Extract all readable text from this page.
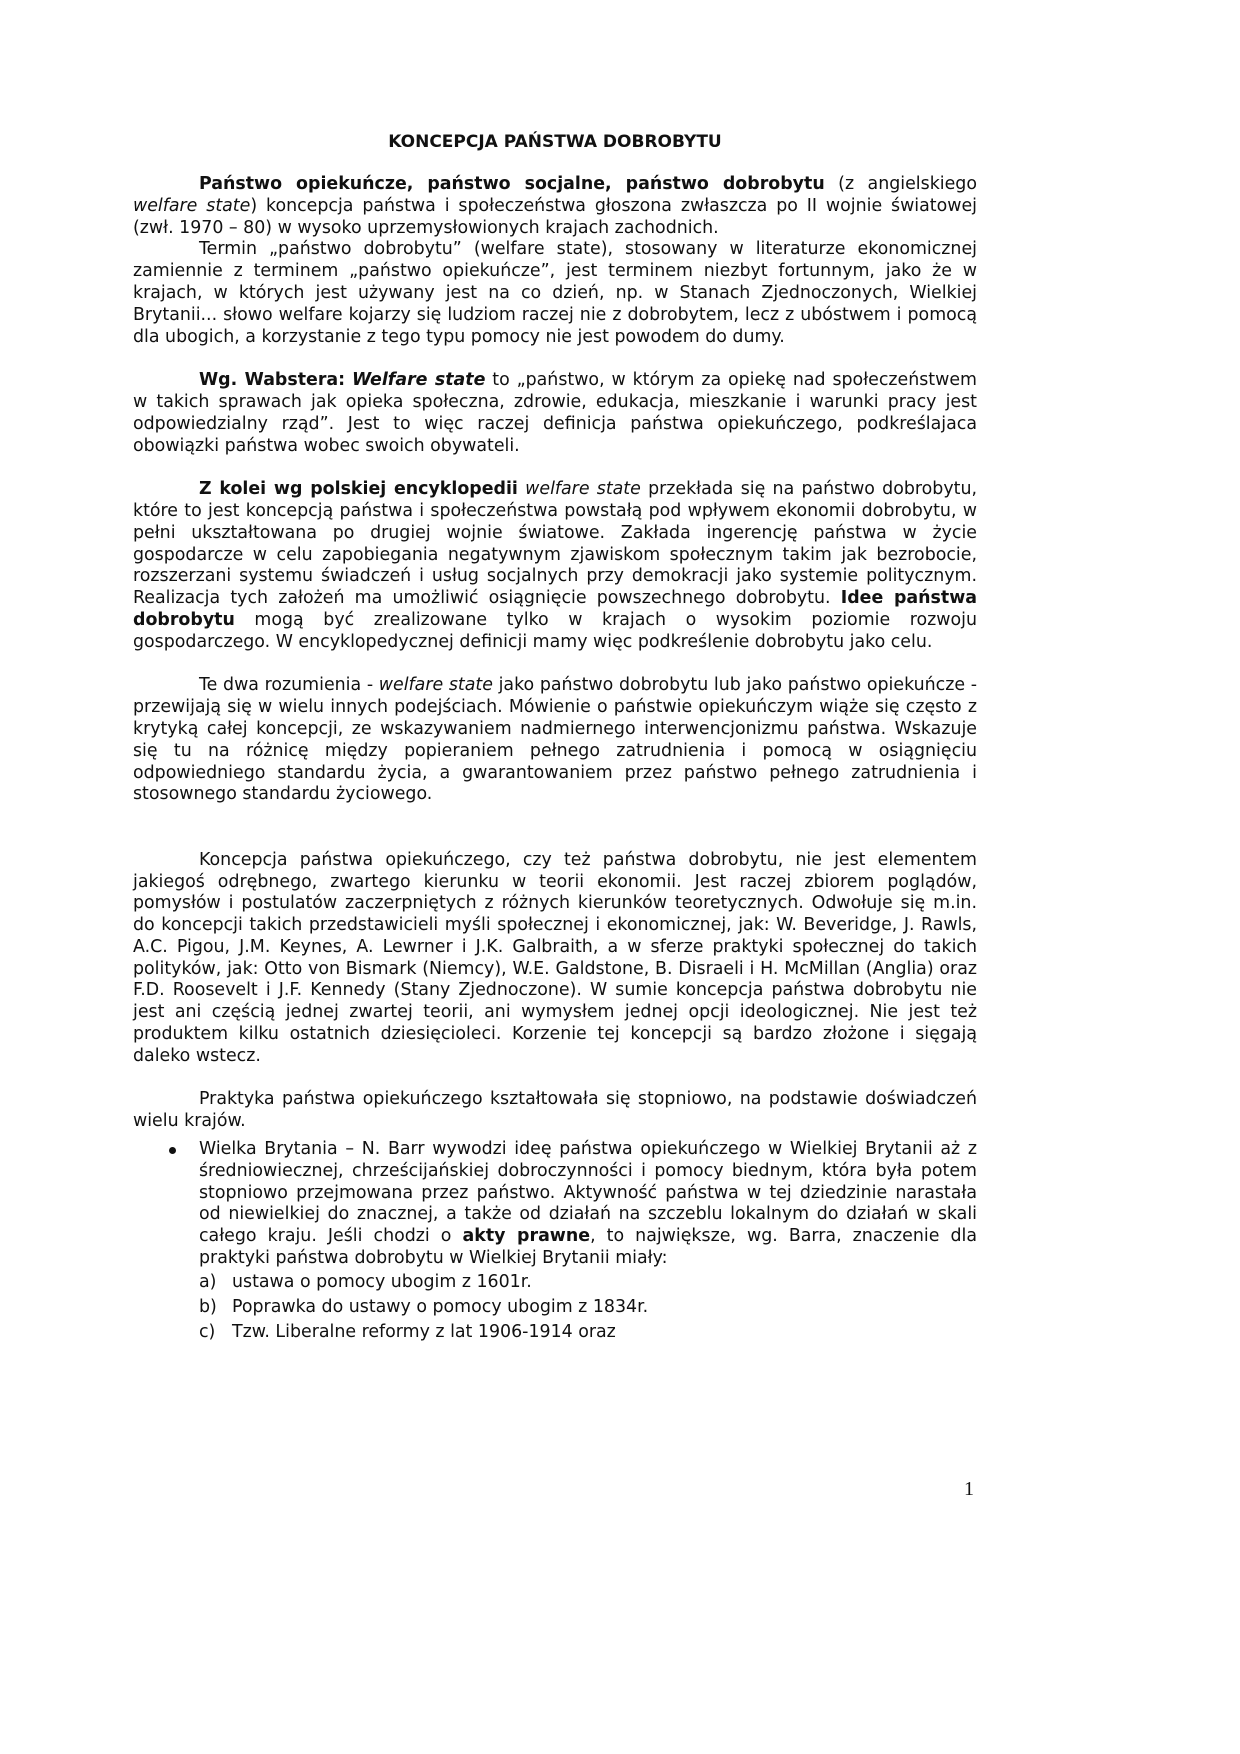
KONCEPCJA PAŃSTWA DOBROBYTU

Państwo opiekuńcze, państwo socjalne, państwo dobrobytu (z angielskiego welfare state) koncepcja państwa i społeczeństwa głoszona zwłaszcza po II wojnie światowej (zwł. 1970 – 80) w wysoko uprzemysłowionych krajach zachodnich.

Termin „państwo dobrobytu” (welfare state), stosowany w literaturze ekonomicznej zamiennie z terminem „państwo opiekuńcze”, jest terminem niezbyt fortunnym, jako że w krajach, w których jest używany jest na co dzień, np. w Stanach Zjednoczonych, Wielkiej Brytanii... słowo welfare kojarzy się ludziom raczej nie z dobrobytem, lecz z ubóstwem i pomocą dla ubogich, a korzystanie z tego typu pomocy nie jest powodem do dumy.

Wg. Wabstera: Welfare state to „państwo, w którym za opiekę nad społeczeństwem w takich sprawach jak opieka społeczna, zdrowie, edukacja, mieszkanie i warunki pracy jest odpowiedzialny rząd”. Jest to więc raczej definicja państwa opiekuńczego, podkreślajaca obowiązki państwa wobec swoich obywateli.

Z kolei wg polskiej encyklopedii welfare state przekłada się na państwo dobrobytu, które to jest koncepcją państwa i społeczeństwa powstałą pod wpływem ekonomii dobrobytu, w pełni ukształtowana po drugiej wojnie światowe. Zakłada ingerencję państwa w życie gospodarcze w celu zapobiegania negatywnym zjawiskom społecznym takim jak bezrobocie, rozszerzani systemu świadczeń i usług socjalnych przy demokracji jako systemie politycznym. Realizacja tych założeń ma umożliwić osiągnięcie powszechnego dobrobytu. Idee państwa dobrobytu mogą być zrealizowane tylko w krajach o wysokim poziomie rozwoju gospodarczego. W encyklopedycznej definicji mamy więc podkreślenie dobrobytu jako celu.

Te dwa rozumienia - welfare state jako państwo dobrobytu lub jako państwo opiekuńcze - przewijają się w wielu innych podejściach. Mówienie o państwie opiekuńczym wiąże się często z krytyką całej koncepcji, ze wskazywaniem nadmiernego interwencjonizmu państwa. Wskazuje się tu na różnicę między popieraniem pełnego zatrudnienia i pomocą w osiągnięciu odpowiedniego standardu życia, a gwarantowaniem przez państwo pełnego zatrudnienia i stosownego standardu życiowego.

Koncepcja państwa opiekuńczego, czy też państwa dobrobytu, nie jest elementem jakiegoś odrębnego, zwartego kierunku w teorii ekonomii. Jest raczej zbiorem poglądów, pomysłów i postulatów zaczerpniętych z różnych kierunków teoretycznych. Odwołuje się m.in. do koncepcji takich przedstawicieli myśli społecznej i ekonomicznej, jak: W. Beveridge, J. Rawls, A.C. Pigou, J.M. Keynes, A. Lewrner i J.K. Galbraith, a w sferze praktyki społecznej do takich polityków, jak: Otto von Bismark (Niemcy), W.E. Galdstone, B. Disraeli i H. McMillan (Anglia) oraz F.D. Roosevelt i J.F. Kennedy (Stany Zjednoczone). W sumie koncepcja państwa dobrobytu nie jest ani częścią jednej zwartej teorii, ani wymysłem jednej opcji ideologicznej. Nie jest też produktem kilku ostatnich dziesięcioleci. Korzenie tej koncepcji są bardzo złożone i sięgają daleko wstecz.

Praktyka państwa opiekuńczego kształtowała się stopniowo, na podstawie doświadczeń wielu krajów.

Wielka Brytania – N. Barr wywodzi ideę państwa opiekuńczego w Wielkiej Brytanii aż z średniowiecznej, chrześcijańskiej dobroczynności i pomocy biednym, która była potem stopniowo przejmowana przez państwo. Aktywność państwa w tej dziedzinie narastała od niewielkiej do znacznej, a także od działań na szczeblu lokalnym do działań w skali całego kraju. Jeśli chodzi o akty prawne, to największe, wg. Barra, znaczenie dla praktyki państwa dobrobytu w Wielkiej Brytanii miały:
a) ustawa o pomocy ubogim z 1601r.
b) Poprawka do ustawy o pomocy ubogim z 1834r.
c) Tzw. Liberalne reformy z lat 1906-1914 oraz
1
